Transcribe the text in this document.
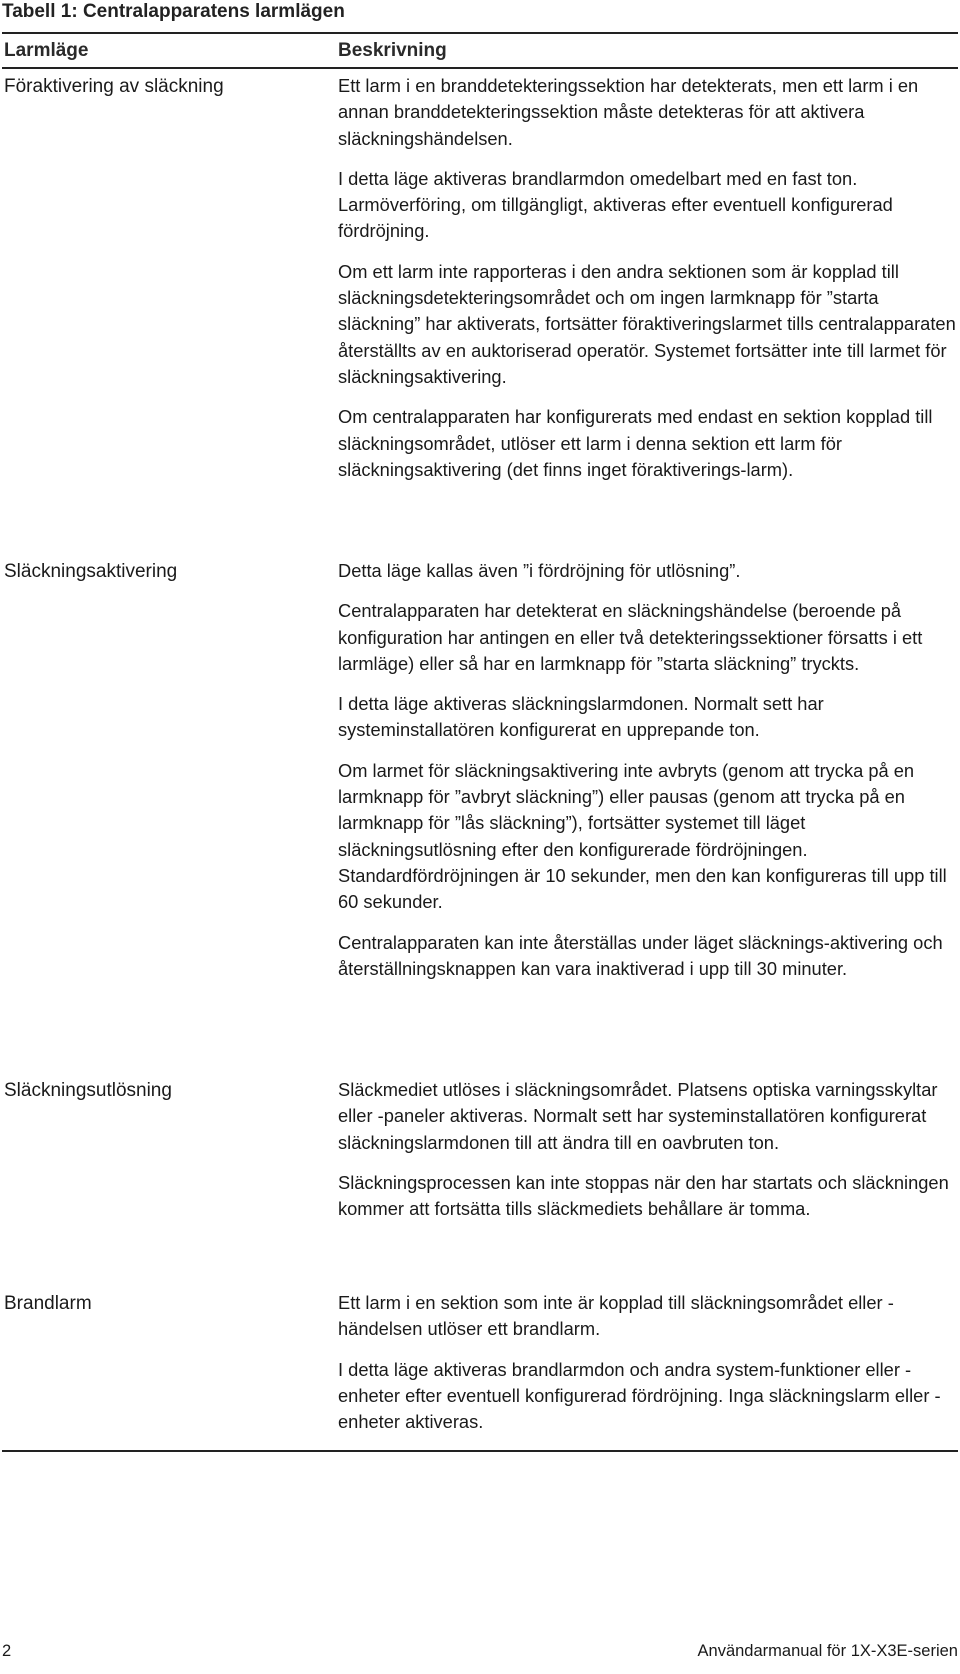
Tabell 1: Centralapparatens larmlägen
Larmläge	Beskrivning
Föraktivering av släckning	Ett larm i en branddetekteringssektion har detekterats, men ett larm i en annan branddetekteringssektion måste detekteras för att aktivera släckningshändelsen.

I detta läge aktiveras brandlarmdon omedelbart med en fast ton. Larmöverföring, om tillgängligt, aktiveras efter eventuell konfigurerad fördröjning.

Om ett larm inte rapporteras i den andra sektionen som är kopplad till släckningsdetekteringsområdet och om ingen larmknapp för ”starta släckning” har aktiverats, fortsätter föraktiveringslarmet tills centralapparaten återställts av en auktoriserad operatör. Systemet fortsätter inte till larmet för släckningsaktivering.

Om centralapparaten har konfigurerats med endast en sektion kopplad till släckningsområdet, utlöser ett larm i denna sektion ett larm för släckningsaktivering (det finns inget föraktiverings-larm).

Släckningsaktivering	Detta läge kallas även ”i fördröjning för utlösning”.

Centralapparaten har detekterat en släckningshändelse (beroende på konfiguration har antingen en eller två detekteringssektioner försatts i ett larmläge) eller så har en larmknapp för ”starta släckning” tryckts.

I detta läge aktiveras släckningslarmdonen. Normalt sett har systeminstallatören konfigurerat en upprepande ton.

Om larmet för släckningsaktivering inte avbryts (genom att trycka på en larmknapp för ”avbryt släckning”) eller pausas (genom att trycka på en larmknapp för ”lås släckning”), fortsätter systemet till läget släckningsutlösning efter den konfigurerade fördröjningen. Standardfördröjningen är 10 sekunder, men den kan konfigureras till upp till 60 sekunder.

Centralapparaten kan inte återställas under läget släcknings-aktivering och återställningsknappen kan vara inaktiverad i upp till 30 minuter.

Släckningsutlösning	Släckmediet utlöses i släckningsområdet. Platsens optiska varningsskyltar eller -paneler aktiveras. Normalt sett har systeminstallatören konfigurerat släckningslarmdonen till att ändra till en oavbruten ton.

Släckningsprocessen kan inte stoppas när den har startats och släckningen kommer att fortsätta tills släckmediets behållare är tomma.

Brandlarm	Ett larm i en sektion som inte är kopplad till släckningsområdet eller -händelsen utlöser ett brandlarm.

I detta läge aktiveras brandlarmdon och andra system-funktioner eller -enheter efter eventuell konfigurerad fördröjning. Inga släckningslarm eller -enheter aktiveras.

2	Användarmanual för 1X-X3E-serien
